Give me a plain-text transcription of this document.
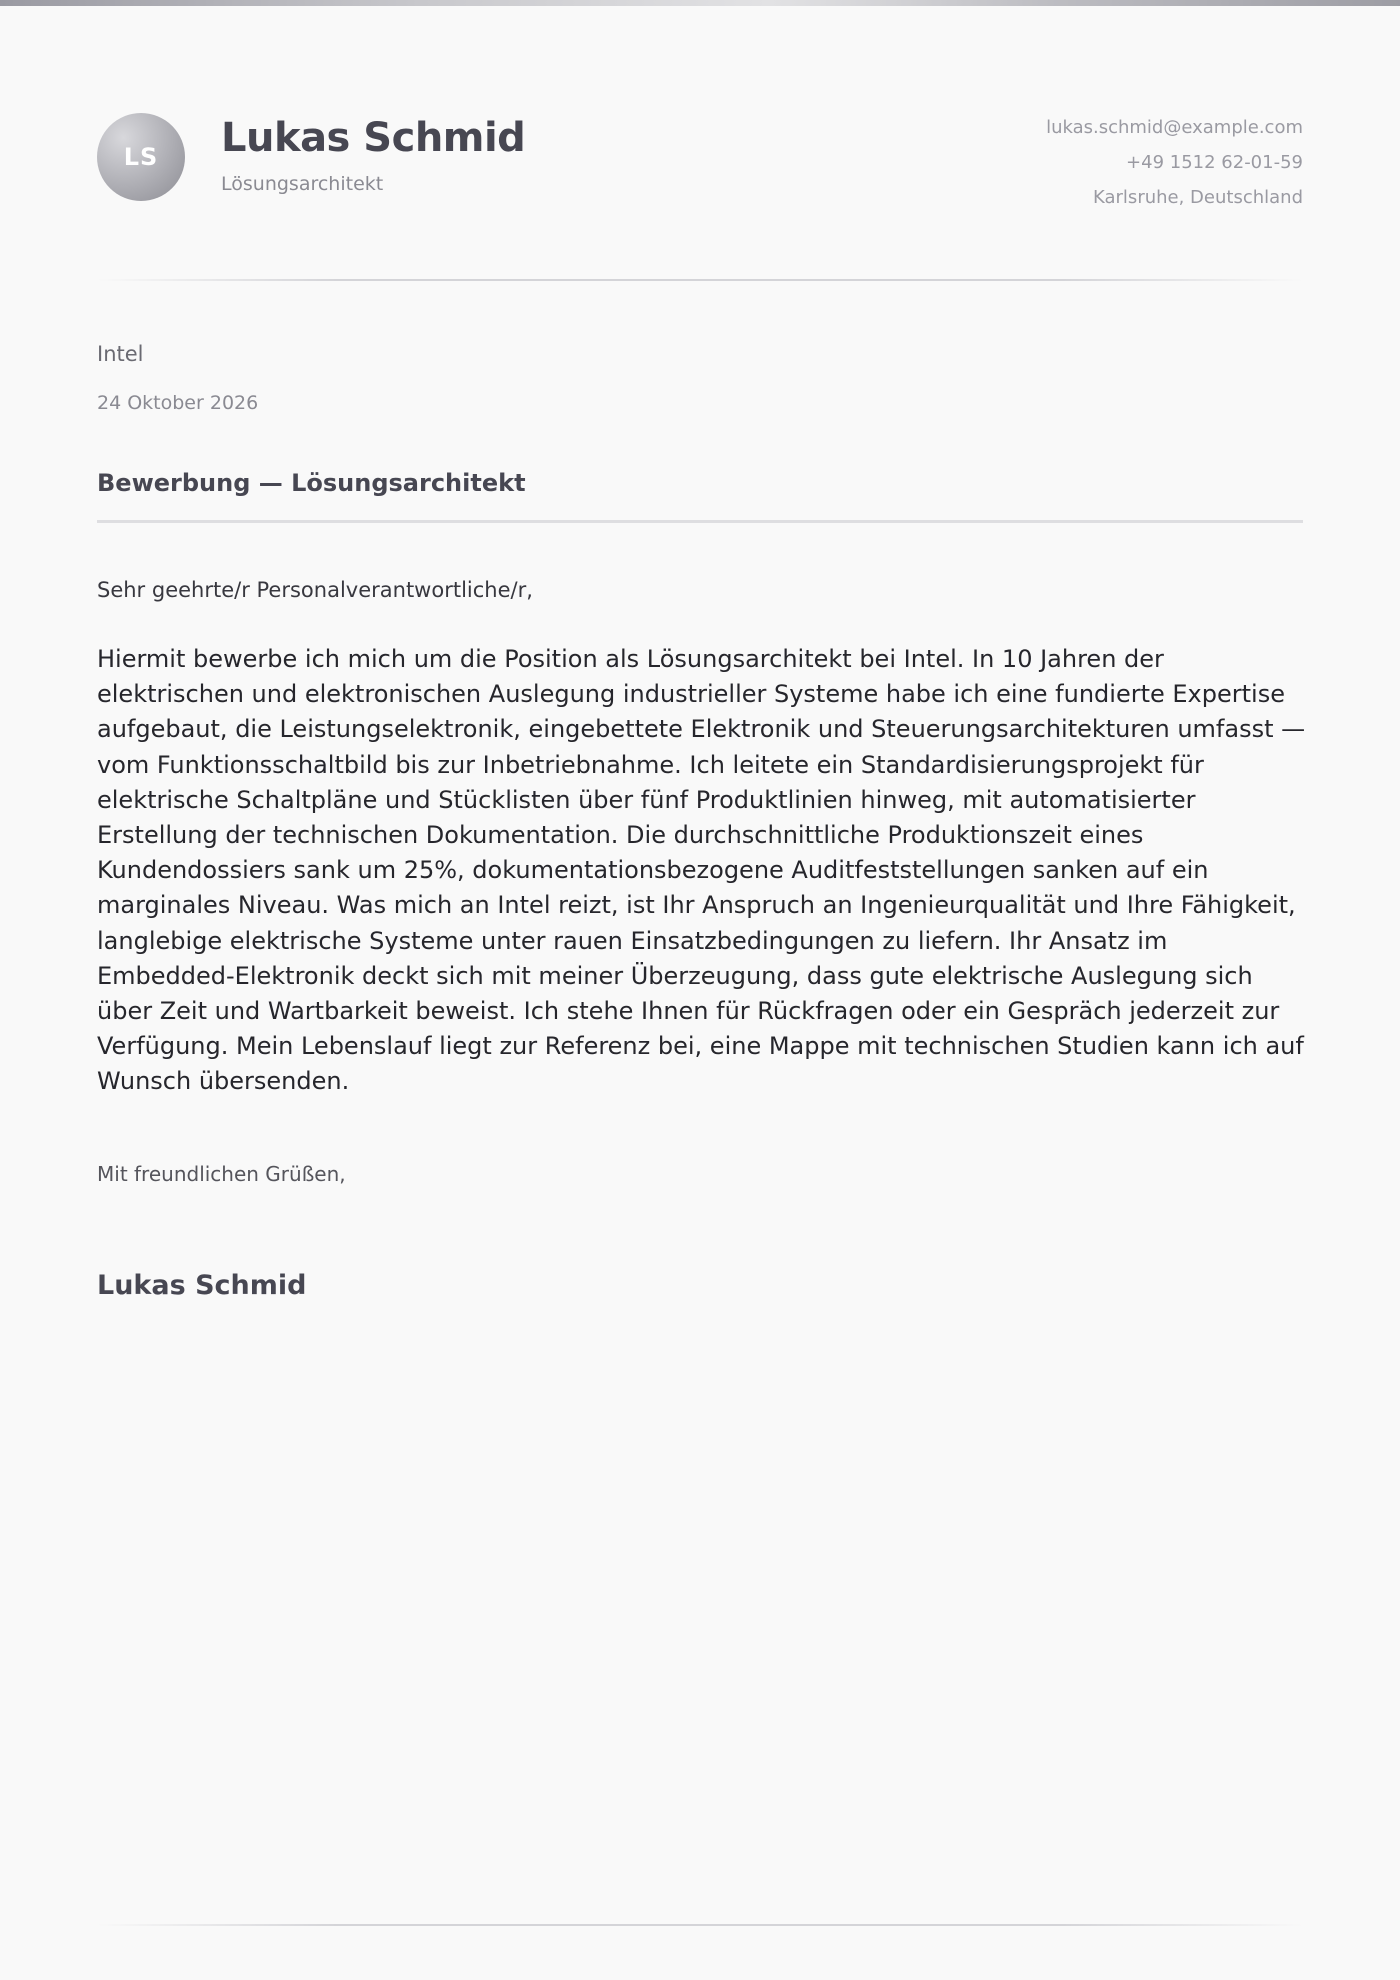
LS	Lukas Schmid
Lösungsarchitekt
lukas.schmid@example.com
+49 1512 62-01-59
Karlsruhe, Deutschland
Intel
24 Oktober 2026
Bewerbung — Lösungsarchitekt
Sehr geehrte/r Personalverantwortliche/r,

Hiermit bewerbe ich mich um die Position als Lösungsarchitekt bei Intel. In 10 Jahren der elektrischen und elektronischen Auslegung industrieller Systeme habe ich eine fundierte Expertise aufgebaut, die Leistungselektronik, eingebettete Elektronik und Steuerungsarchitekturen umfasst — vom Funktionsschaltbild bis zur Inbetriebnahme. Ich leitete ein Standardisierungsprojekt für elektrische Schaltpläne und Stücklisten über fünf Produktlinien hinweg, mit automatisierter Erstellung der technischen Dokumentation. Die durchschnittliche Produktionszeit eines Kundendossiers sank um 25%, dokumentationsbezogene Auditfeststellungen sanken auf ein marginales Niveau. Was mich an Intel reizt, ist Ihr Anspruch an Ingenieurqualität und Ihre Fähigkeit, langlebige elektrische Systeme unter rauen Einsatzbedingungen zu liefern. Ihr Ansatz im Embedded-Elektronik deckt sich mit meiner Überzeugung, dass gute elektrische Auslegung sich über Zeit und Wartbarkeit beweist. Ich stehe Ihnen für Rückfragen oder ein Gespräch jederzeit zur Verfügung. Mein Lebenslauf liegt zur Referenz bei, eine Mappe mit technischen Studien kann ich auf Wunsch übersenden.

Mit freundlichen Grüßen,
Lukas Schmid
